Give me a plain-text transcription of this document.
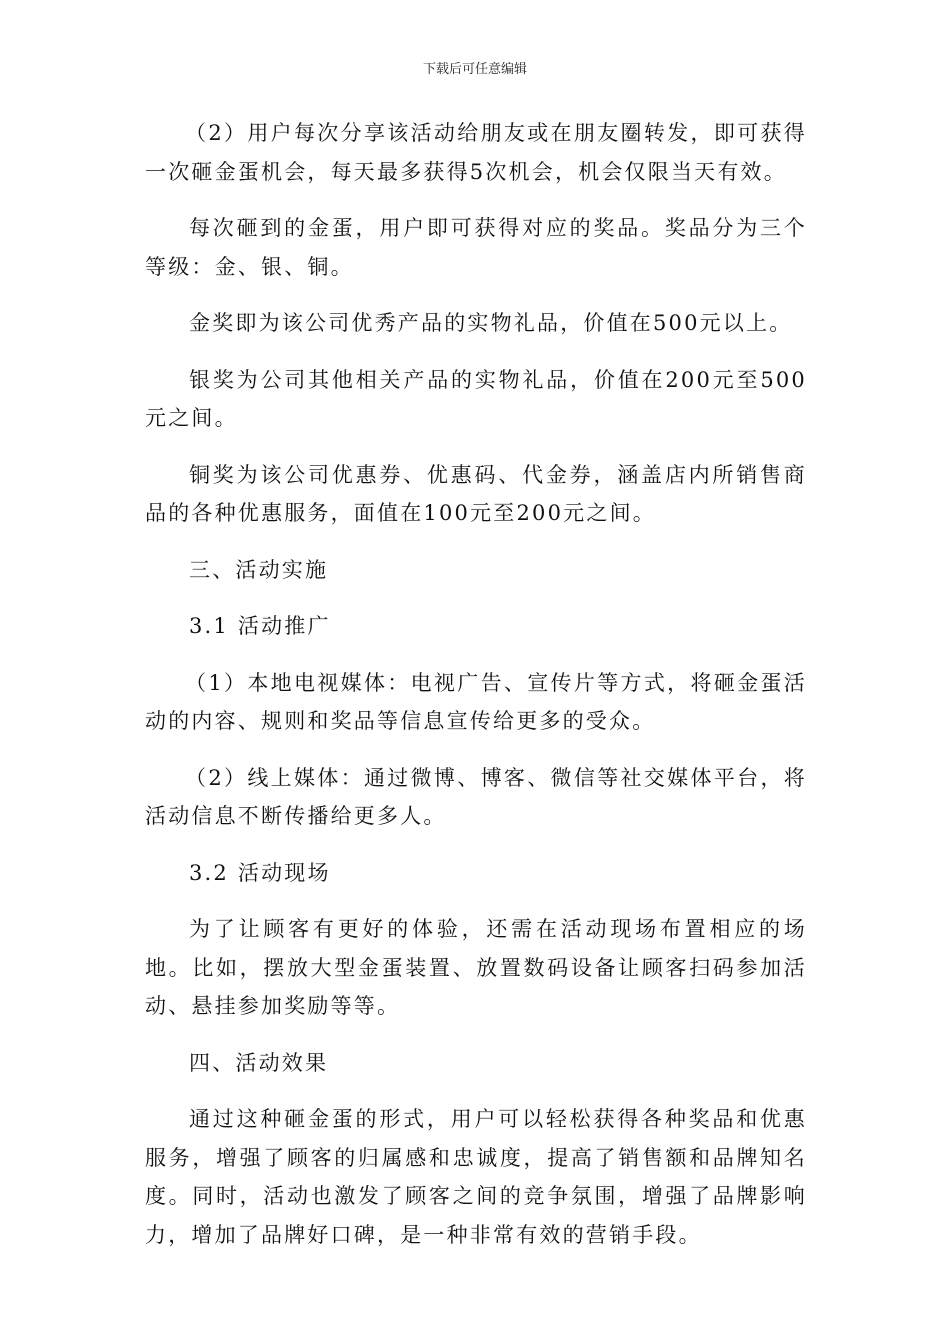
下载后可任意编辑

（2）用户每次分享该活动给朋友或在朋友圈转发，即可获得一次砸金蛋机会，每天最多获得5次机会，机会仅限当天有效。

每次砸到的金蛋，用户即可获得对应的奖品。奖品分为三个等级：金、银、铜。

金奖即为该公司优秀产品的实物礼品，价值在500元以上。

银奖为公司其他相关产品的实物礼品，价值在200元至500元之间。

铜奖为该公司优惠券、优惠码、代金券，涵盖店内所销售商品的各种优惠服务，面值在100元至200元之间。

三、活动实施

3.1 活动推广

（1）本地电视媒体：电视广告、宣传片等方式，将砸金蛋活动的内容、规则和奖品等信息宣传给更多的受众。

（2）线上媒体：通过微博、博客、微信等社交媒体平台，将活动信息不断传播给更多人。

3.2 活动现场

为了让顾客有更好的体验，还需在活动现场布置相应的场地。比如，摆放大型金蛋装置、放置数码设备让顾客扫码参加活动、悬挂参加奖励等等。

四、活动效果

通过这种砸金蛋的形式，用户可以轻松获得各种奖品和优惠服务，增强了顾客的归属感和忠诚度，提高了销售额和品牌知名度。同时，活动也激发了顾客之间的竞争氛围，增强了品牌影响力，增加了品牌好口碑，是一种非常有效的营销手段。
